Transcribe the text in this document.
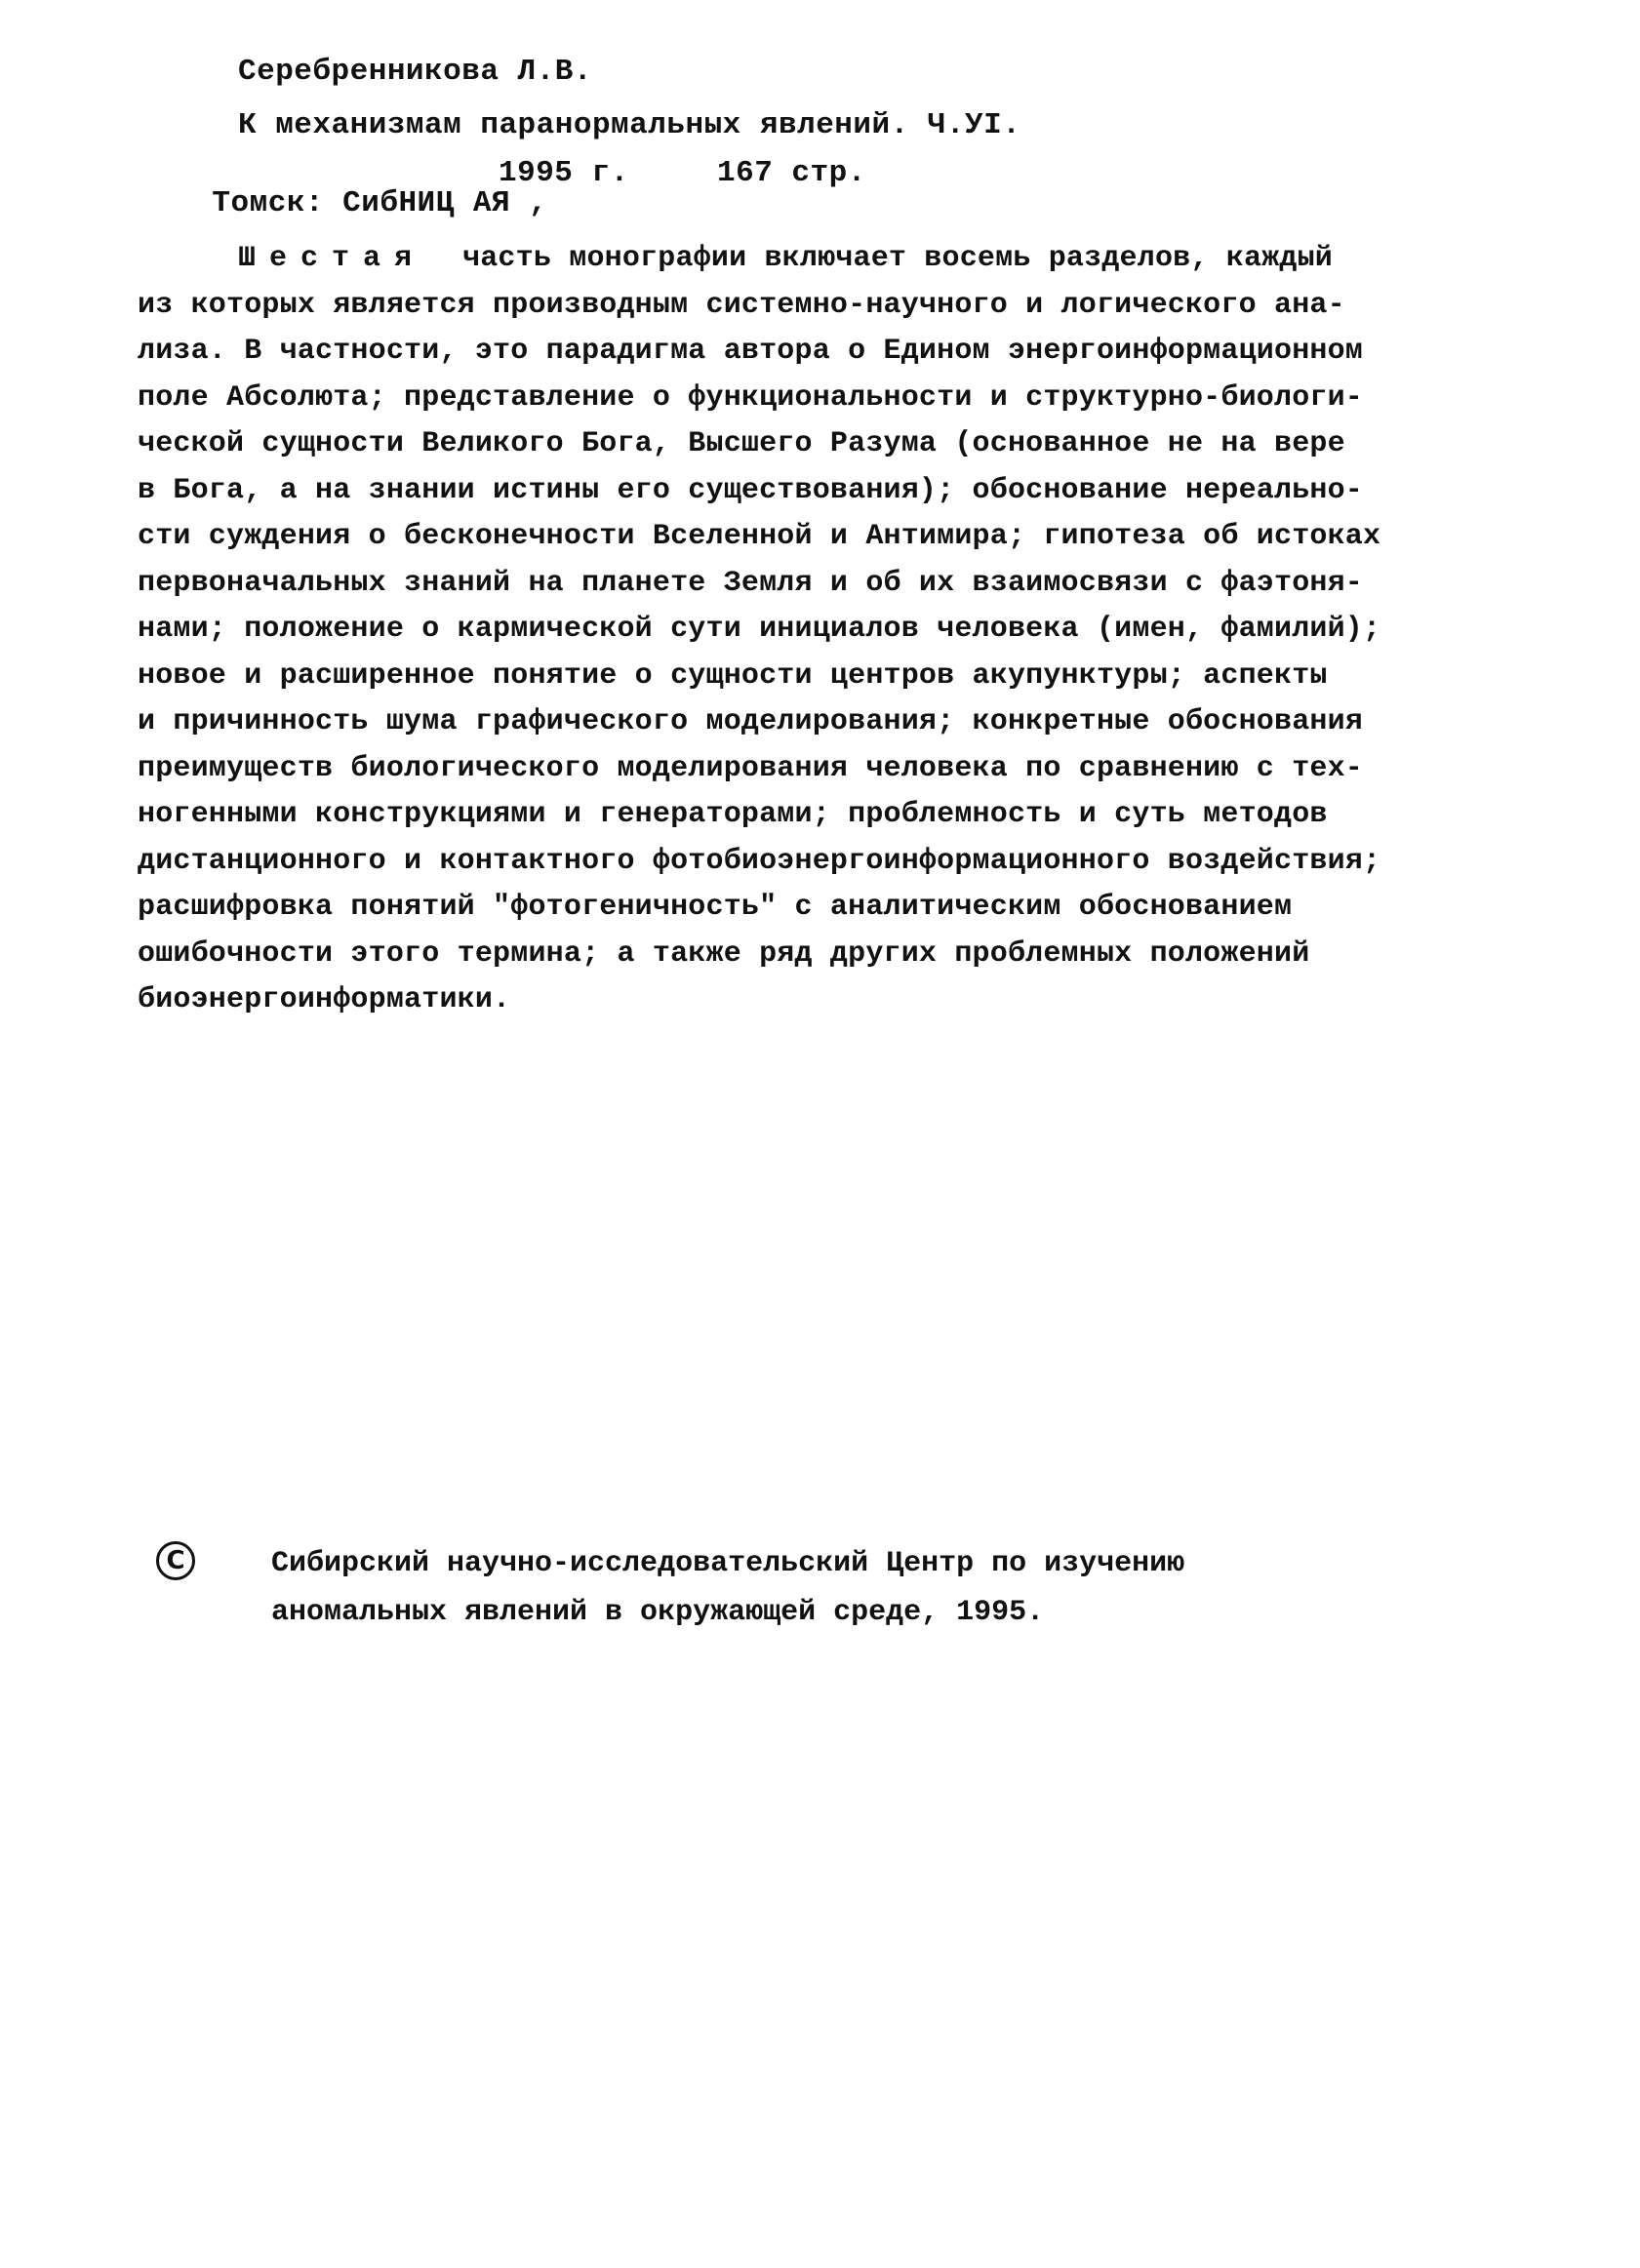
Серебренникова Л.В.
К механизмам паранормальных явлений. Ч.УI.

Томск: СибНИЦ АЯ ,

1995 г.

	167 стр.

Шестая часть монографии включает восемь разделов, каждый
из которых является производным системно-научного и логического ана-
лиза. В частности, это парадигма автора о Едином энергоинформационном
поле Абсолюта; представление о функциональности и структурно-биологи-
ческой сущности Великого Бога, Высшего Разума (основанное не на вере
в Бога, а на знании истины его существования); обоснование нереально-
сти суждения о бесконечности Вселенной и Антимира; гипотеза об истоках
первоначальных знаний на планете Земля и об их взаимосвязи с фаэтоня-
нами; положение о кармической сути инициалов человека (имен, фамилий);
новое и расширенное понятие о сущности центров акупунктуры; аспекты
и причинность шума графического моделирования; конкретные обоснования
преимуществ биологического моделирования человека по сравнению с тех-
ногенными конструкциями и генераторами; проблемность и суть методов
дистанционного и контактного фотобиоэнергоинформационного воздействия;
расшифровка понятий "фотогеничность" с аналитическим обоснованием
ошибочности этого термина; а также ряд других проблемных положений
биоэнергоинформатики.
C	Сибирский научно-исследовательский Центр по изучению
аномальных явлений в окружающей среде, 1995.
